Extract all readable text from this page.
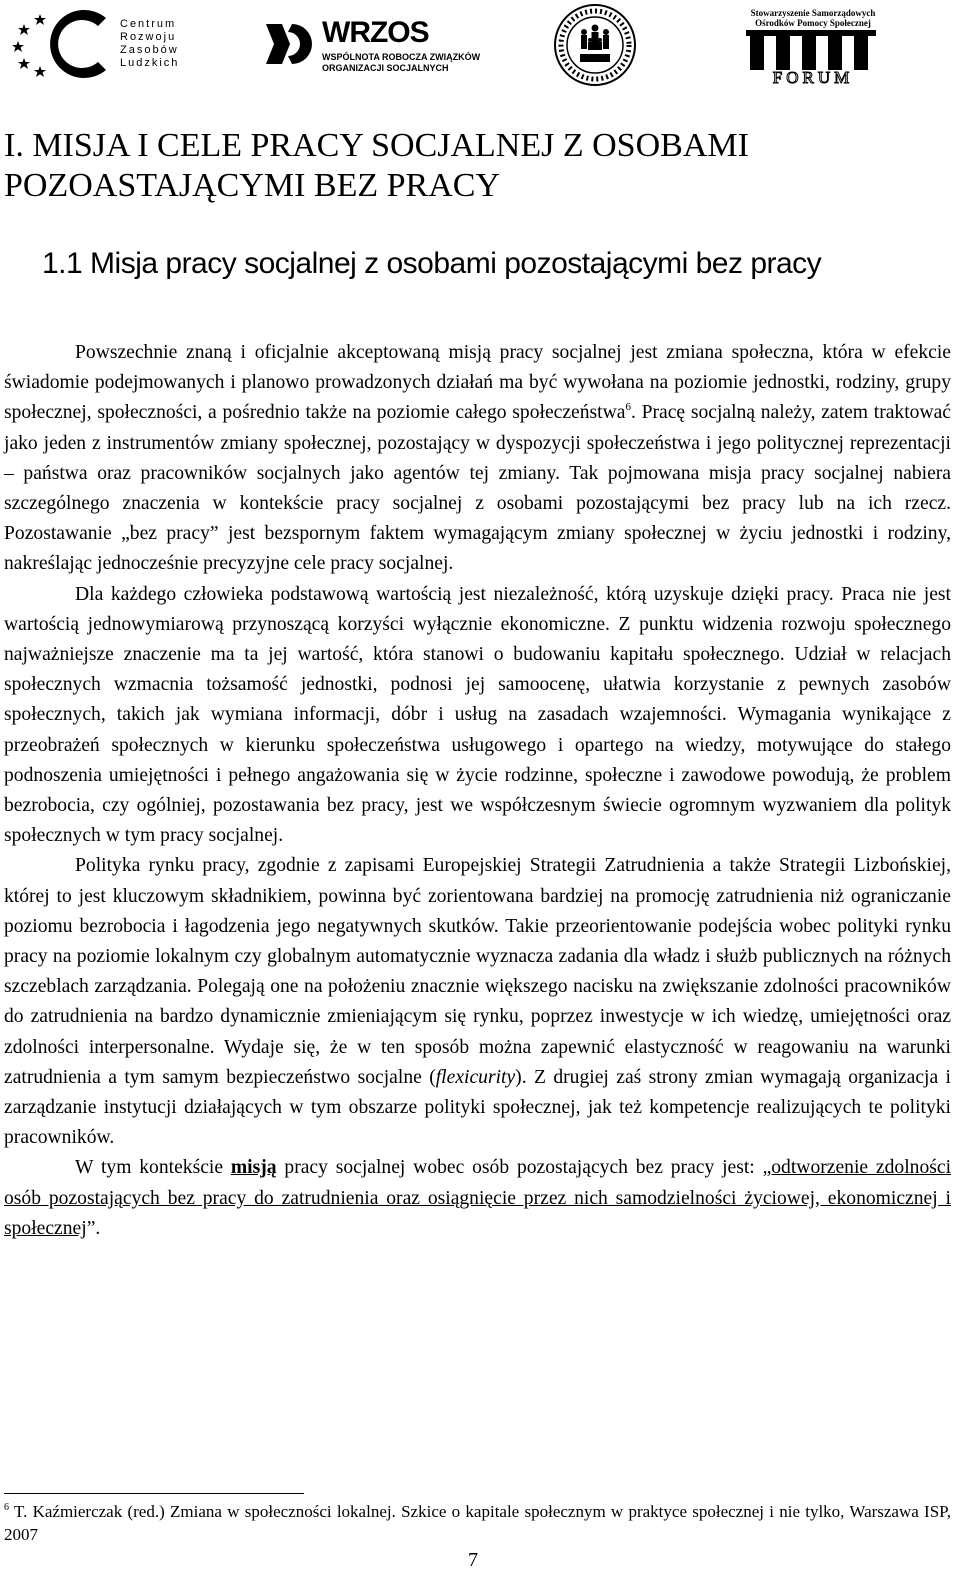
Centrum
Rozwoju
Zasobów
Ludzkich
WRZOS
WSPÓLNOTA ROBOCZA ZWIĄZKÓW
ORGANIZACJI SOCJALNYCH
Stowarzyszenie Samorządowych
Ośrodków Pomocy Społecznej
FORUM
I. MISJA I CELE PRACY SOCJALNEJ Z OSOBAMI
POZOASTAJĄCYMI BEZ PRACY
1.1 Misja pracy socjalnej z osobami pozostającymi bez pracy

Powszechnie znaną i oficjalnie akceptowaną misją pracy socjalnej jest zmiana społeczna, która w efekcie świadomie podejmowanych i planowo prowadzonych działań ma być wywołana na poziomie jednostki, rodziny, grupy społecznej, społeczności, a pośrednio także na poziomie całego społeczeństwa$^6$. Pracę socjalną należy, zatem traktować jako jeden z instrumentów zmiany społecznej, pozostający w dyspozycji społeczeństwa i jego politycznej reprezentacji – państwa oraz pracowników socjalnych jako agentów tej zmiany. Tak pojmowana misja pracy socjalnej nabiera szczególnego znaczenia w kontekście pracy socjalnej z osobami pozostającymi bez pracy lub na ich rzecz. Pozostawanie „bez pracy” jest bezspornym faktem wymagającym zmiany społecznej w życiu jednostki i rodziny, nakreślając jednocześnie precyzyjne cele pracy socjalnej.

Dla każdego człowieka podstawową wartością jest niezależność, którą uzyskuje dzięki pracy. Praca nie jest wartością jednowymiarową przynoszącą korzyści wyłącznie ekonomiczne. Z punktu widzenia rozwoju społecznego najważniejsze znaczenie ma ta jej wartość, która stanowi o budowaniu kapitału społecznego. Udział w relacjach społecznych wzmacnia tożsamość jednostki, podnosi jej samoocenę, ułatwia korzystanie z pewnych zasobów społecznych, takich jak wymiana informacji, dóbr i usług na zasadach wzajemności. Wymagania wynikające z przeobrażeń społecznych w kierunku społeczeństwa usługowego i opartego na wiedzy, motywujące do stałego podnoszenia umiejętności i pełnego angażowania się w życie rodzinne, społeczne i zawodowe powodują, że problem bezrobocia, czy ogólniej, pozostawania bez pracy, jest we współczesnym świecie ogromnym wyzwaniem dla polityk społecznych w tym pracy socjalnej.

Polityka rynku pracy, zgodnie z zapisami Europejskiej Strategii Zatrudnienia a także Strategii Lizbońskiej, której to jest kluczowym składnikiem, powinna być zorientowana bardziej na promocję zatrudnienia niż ograniczanie poziomu bezrobocia i łagodzenia jego negatywnych skutków. Takie przeorientowanie podejścia wobec polityki rynku pracy na poziomie lokalnym czy globalnym automatycznie wyznacza zadania dla władz i służb publicznych na różnych szczeblach zarządzania. Polegają one na położeniu znacznie większego nacisku na zwiększanie zdolności pracowników do zatrudnienia na bardzo dynamicznie zmieniającym się rynku, poprzez inwestycje w ich wiedzę, umiejętności oraz zdolności interpersonalne. Wydaje się, że w ten sposób można zapewnić elastyczność w reagowaniu na warunki zatrudnienia a tym samym bezpieczeństwo socjalne (flexicurity). Z drugiej zaś strony zmian wymagają organizacja i zarządzanie instytucji działających w tym obszarze polityki społecznej, jak też kompetencje realizujących te polityki pracowników.

W tym kontekście misją pracy socjalnej wobec osób pozostających bez pracy jest: „odtworzenie zdolności osób pozostających bez pracy do zatrudnienia oraz osiągnięcie przez nich samodzielności życiowej, ekonomicznej i społecznej”.

$^6$ T. Kaźmierczak (red.) Zmiana w społeczności lokalnej. Szkice o kapitale społecznym w praktyce społecznej i nie tylko, Warszawa ISP, 2007
7
